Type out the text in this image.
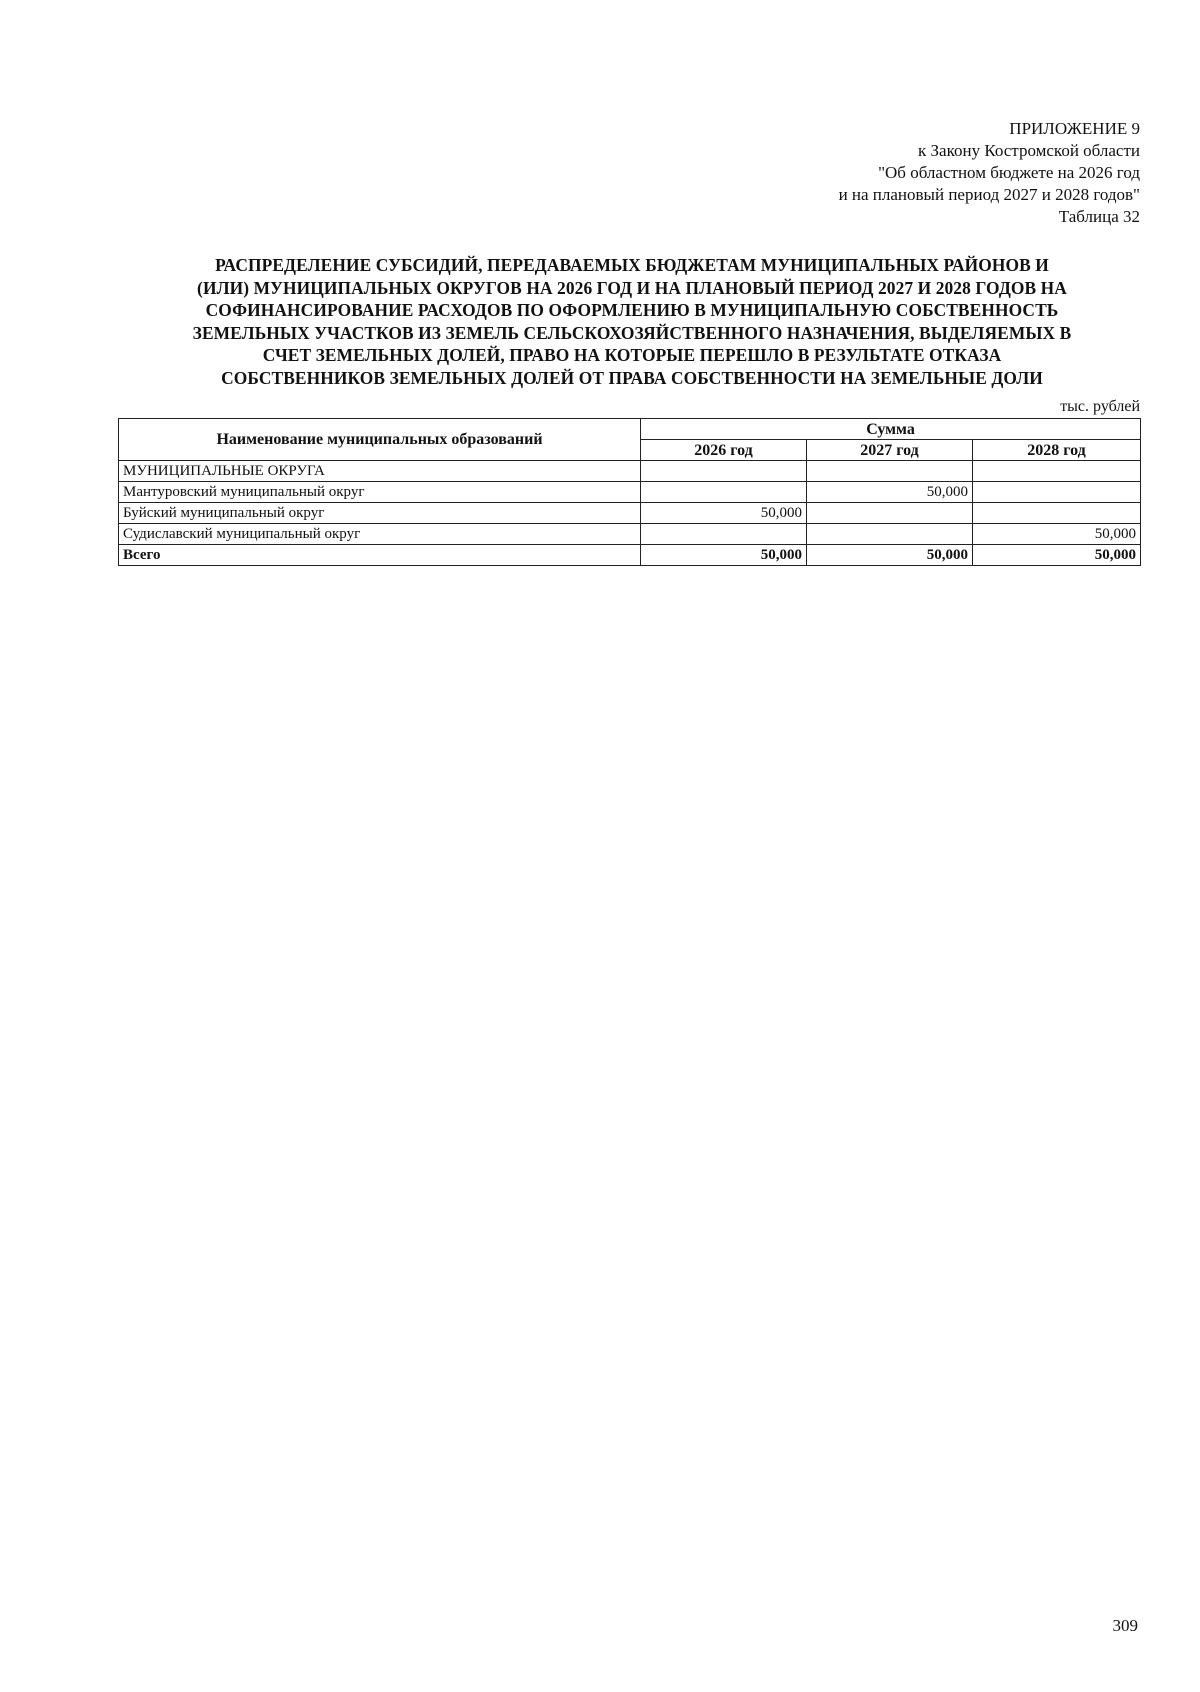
ПРИЛОЖЕНИЕ 9
к Закону Костромской области
"Об областном бюджете на 2026 год
и на плановый период 2027 и 2028 годов"
Таблица 32
РАСПРЕДЕЛЕНИЕ СУБСИДИЙ, ПЕРЕДАВАЕМЫХ БЮДЖЕТАМ МУНИЦИПАЛЬНЫХ РАЙОНОВ И
(ИЛИ) МУНИЦИПАЛЬНЫХ ОКРУГОВ НА 2026 ГОД И НА ПЛАНОВЫЙ ПЕРИОД 2027 И 2028 ГОДОВ НА
СОФИНАНСИРОВАНИЕ РАСХОДОВ ПО ОФОРМЛЕНИЮ В МУНИЦИПАЛЬНУЮ СОБСТВЕННОСТЬ
ЗЕМЕЛЬНЫХ УЧАСТКОВ ИЗ ЗЕМЕЛЬ СЕЛЬСКОХОЗЯЙСТВЕННОГО НАЗНАЧЕНИЯ, ВЫДЕЛЯЕМЫХ В
СЧЕТ ЗЕМЕЛЬНЫХ ДОЛЕЙ, ПРАВО НА КОТОРЫЕ ПЕРЕШЛО В РЕЗУЛЬТАТЕ ОТКАЗА
СОБСТВЕННИКОВ ЗЕМЕЛЬНЫХ ДОЛЕЙ ОТ ПРАВА СОБСТВЕННОСТИ НА ЗЕМЕЛЬНЫЕ ДОЛИ
тыс. рублей
Наименование муниципальных образований	Сумма		
	2026 год	2027 год	2028 год
МУНИЦИПАЛЬНЫЕ ОКРУГА			
Мантуровский муниципальный округ		50,000	
Буйский муниципальный округ	50,000		
Судиславский муниципальный округ			50,000
Всего	50,000	50,000	50,000
309
